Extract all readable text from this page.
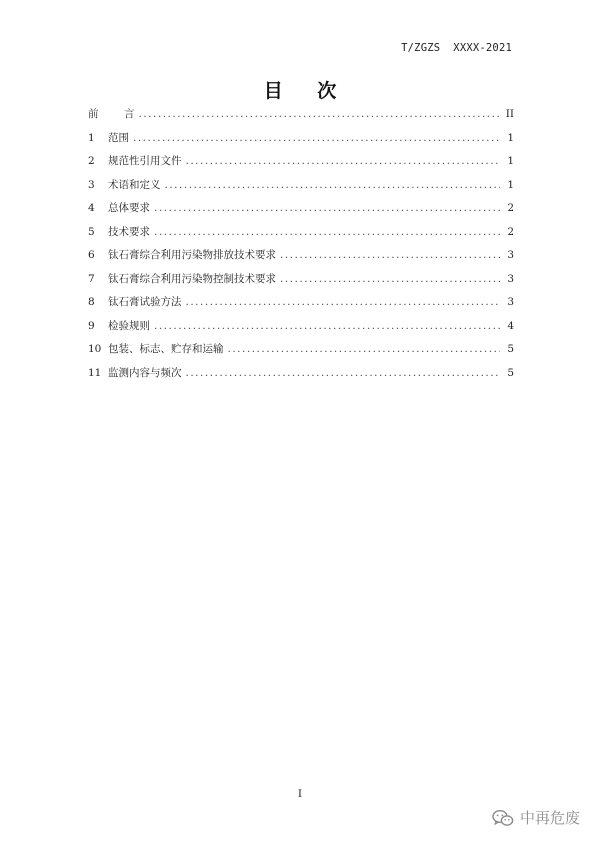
T/ZGZS  XXXX-2021
目 次
前	言 .....	II
1	范围 .....	1
2	规范性引用文件 .....	1
3	术语和定义 .....	1
4	总体要求 .....	2
5	技术要求 .....	2
6	钛石膏综合利用污染物排放技术要求 .....	3
7	钛石膏综合利用污染物控制技术要求 .....	3
8	钛石膏试验方法 .....	3
9	检验规则 .....	4
10 包装、标志、贮存和运输 .....	5
11 监测内容与频次 .....	5
I
中再危废
